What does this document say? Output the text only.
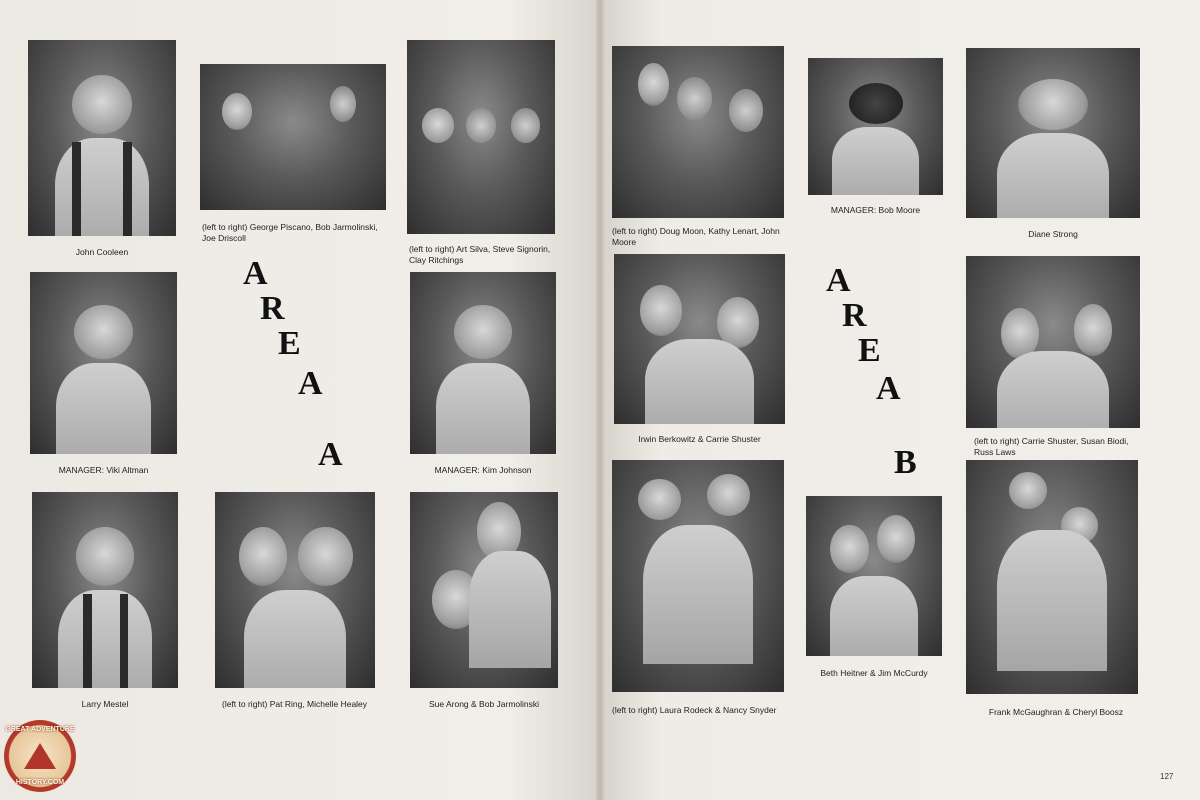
John Cooleen
(left to right) George Piscano, Bob Jarmolinski, Joe Driscoll
(left to right) Art Silva, Steve Signorin, Clay Ritchings
MANAGER: Viki Altman	MANAGER: Kim Johnson
Larry Mestel	(left to right) Pat Ring, Michelle Healey	Sue Arong & Bob Jarmolinski
A
R
E
A
A
(left to right) Doug Moon, Kathy Lenart, John Moore
MANAGER: Bob Moore
Diane Strong
Irwin Berkowitz & Carrie Shuster	(left to right) Carrie Shuster, Susan Biodi, Russ Laws
(left to right) Laura Rodeck & Nancy Snyder
Beth Heitner & Jim McCurdy
Frank McGaughran & Cheryl Boosz
A
R
E
A
B
127
GREAT ADVENTURE
HISTORY.COM
